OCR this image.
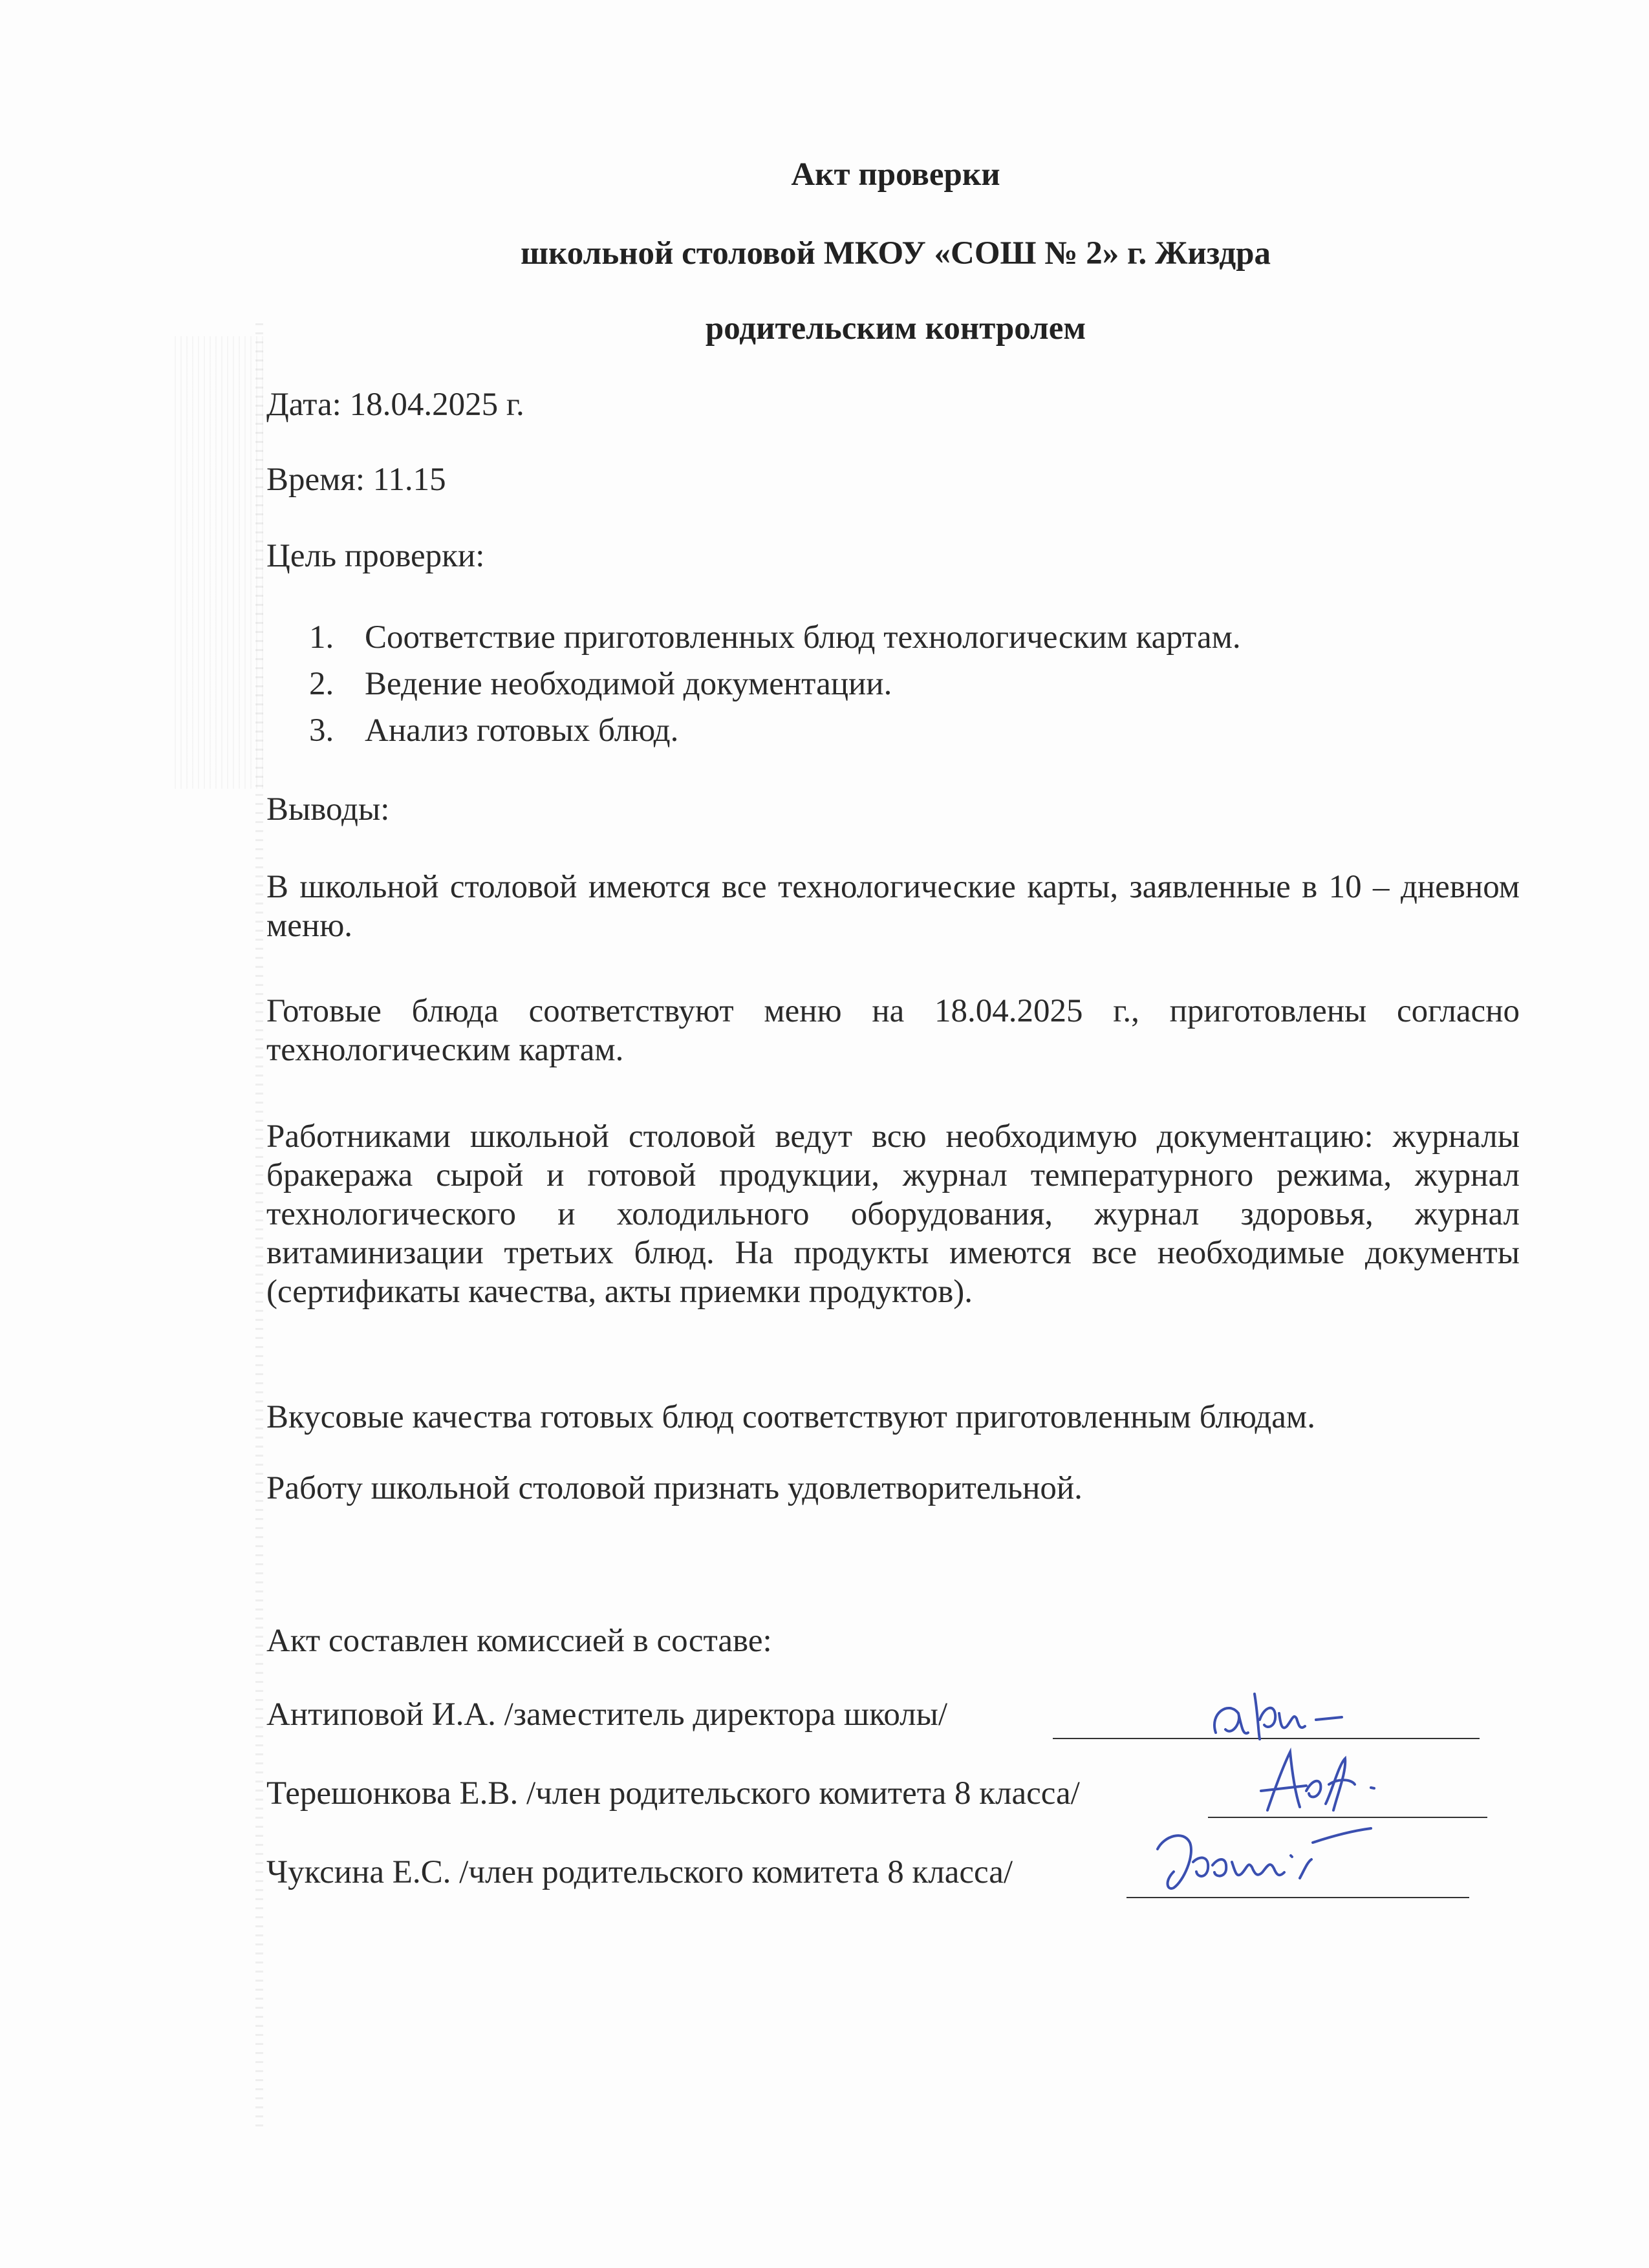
Акт проверки
школьной столовой МКОУ «СОШ № 2» г. Жиздра
родительским контролем
Дата: 18.04.2025 г.
Время: 11.15
Цель проверки:
1. Соответствие приготовленных блюд технологическим картам.
2. Ведение необходимой документации.
3. Анализ готовых блюд.
Выводы:
В школьной столовой имеются все технологические карты, заявленные в 10 – дневном меню.
Готовые блюда соответствуют меню на 18.04.2025 г., приготовлены согласно технологическим картам.
Работниками школьной столовой ведут всю необходимую документацию: журналы бракеража сырой и готовой продукции, журнал температурного режима, журнал технологического и холодильного оборудования, журнал здоровья, журнал витаминизации третьих блюд. На продукты имеются все необходимые документы (сертификаты качества, акты приемки продуктов).
Вкусовые качества готовых блюд соответствуют приготовленным блюдам.
Работу школьной столовой признать удовлетворительной.
Акт составлен комиссией в составе:
Антиповой И.А. /заместитель директора школы/
Терешонкова Е.В. /член родительского комитета 8 класса/
Чуксина Е.С. /член родительского комитета 8 класса/
